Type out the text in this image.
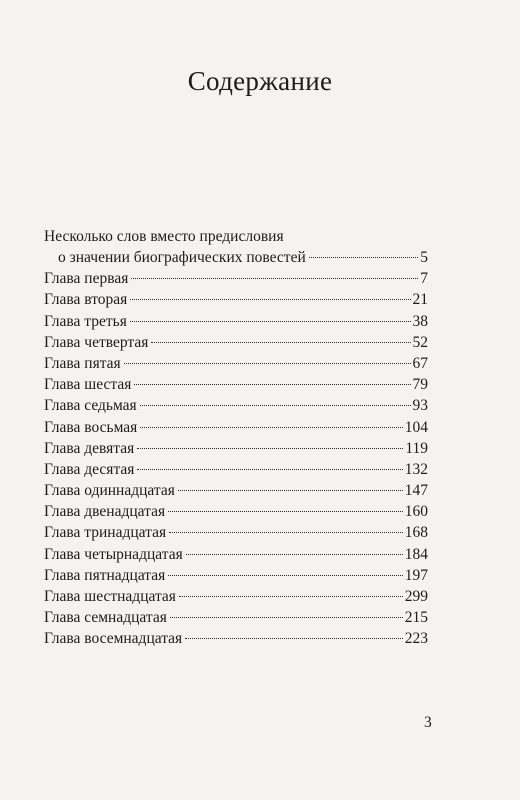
Содержание
Несколько слов вместо предисловия
о значении биографических повестей	5
Глава первая	7
Глава вторая	21
Глава третья	38
Глава четвертая	52
Глава пятая	67
Глава шестая	79
Глава седьмая	93
Глава восьмая	104
Глава девятая	119
Глава десятая	132
Глава одиннадцатая	147
Глава двенадцатая	160
Глава тринадцатая	168
Глава четырнадцатая	184
Глава пятнадцатая	197
Глава шестнадцатая	299
Глава семнадцатая	215
Глава восемнадцатая	223
3
